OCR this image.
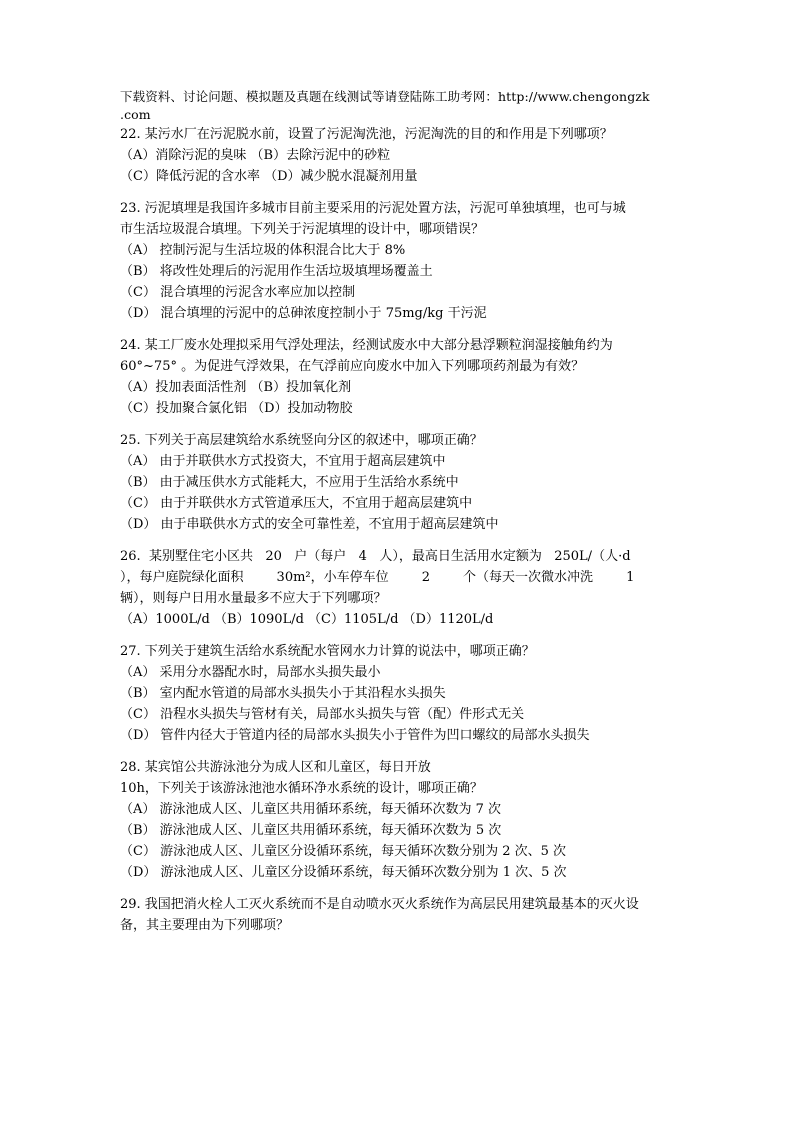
下载资料、讨论问题、模拟题及真题在线测试等请登陆陈工助考网：http://www.chengongzk
.com
22. 某污水厂在污泥脱水前，设置了污泥淘洗池，污泥淘洗的目的和作用是下列哪项？
（A）消除污泥的臭味 （B）去除污泥中的砂粒
（C）降低污泥的含水率 （D）减少脱水混凝剂用量
23. 污泥填埋是我国许多城市目前主要采用的污泥处置方法，污泥可单独填埋，也可与城
市生活垃圾混合填埋。下列关于污泥填埋的设计中，哪项错误？
（A） 控制污泥与生活垃圾的体积混合比大于 8%
（B） 将改性处理后的污泥用作生活垃圾填埋场覆盖土
（C） 混合填埋的污泥含水率应加以控制
（D） 混合填埋的污泥中的总砷浓度控制小于 75mg/kg 干污泥
24. 某工厂废水处理拟采用气浮处理法，经测试废水中大部分悬浮颗粒润湿接触角约为
60°~75° 。为促进气浮效果，在气浮前应向废水中加入下列哪项药剂最为有效？
（A）投加表面活性剂 （B）投加氧化剂
（C）投加聚合氯化铝 （D）投加动物胶
25. 下列关于高层建筑给水系统竖向分区的叙述中，哪项正确？
（A） 由于并联供水方式投资大，不宜用于超高层建筑中
（B） 由于减压供水方式能耗大，不应用于生活给水系统中
（C） 由于并联供水方式管道承压大，不宜用于超高层建筑中
（D） 由于串联供水方式的安全可靠性差，不宜用于超高层建筑中
26.  某别墅住宅小区共   20   户（每户   4   人），最高日生活用水定额为   250L/（人·d
），每户庭院绿化面积        30m²，小车停车位        2        个（每天一次微水冲洗        1
辆），则每户日用水量最多不应大于下列哪项？
（A）1000L/d （B）1090L/d （C）1105L/d （D）1120L/d
27. 下列关于建筑生活给水系统配水管网水力计算的说法中，哪项正确？
（A） 采用分水器配水时，局部水头损失最小
（B） 室内配水管道的局部水头损失小于其沿程水头损失
（C） 沿程水头损失与管材有关，局部水头损失与管（配）件形式无关
（D） 管件内径大于管道内径的局部水头损失小于管件为凹口螺纹的局部水头损失
28. 某宾馆公共游泳池分为成人区和儿童区，每日开放
10h，下列关于该游泳池池水循环净水系统的设计，哪项正确？
（A） 游泳池成人区、儿童区共用循环系统，每天循环次数为 7 次
（B） 游泳池成人区、儿童区共用循环系统，每天循环次数为 5 次
（C） 游泳池成人区、儿童区分设循环系统，每天循环次数分别为 2 次、5 次
（D） 游泳池成人区、儿童区分设循环系统，每天循环次数分别为 1 次、5 次
29. 我国把消火栓人工灭火系统而不是自动喷水灭火系统作为高层民用建筑最基本的灭火设
备，其主要理由为下列哪项？
